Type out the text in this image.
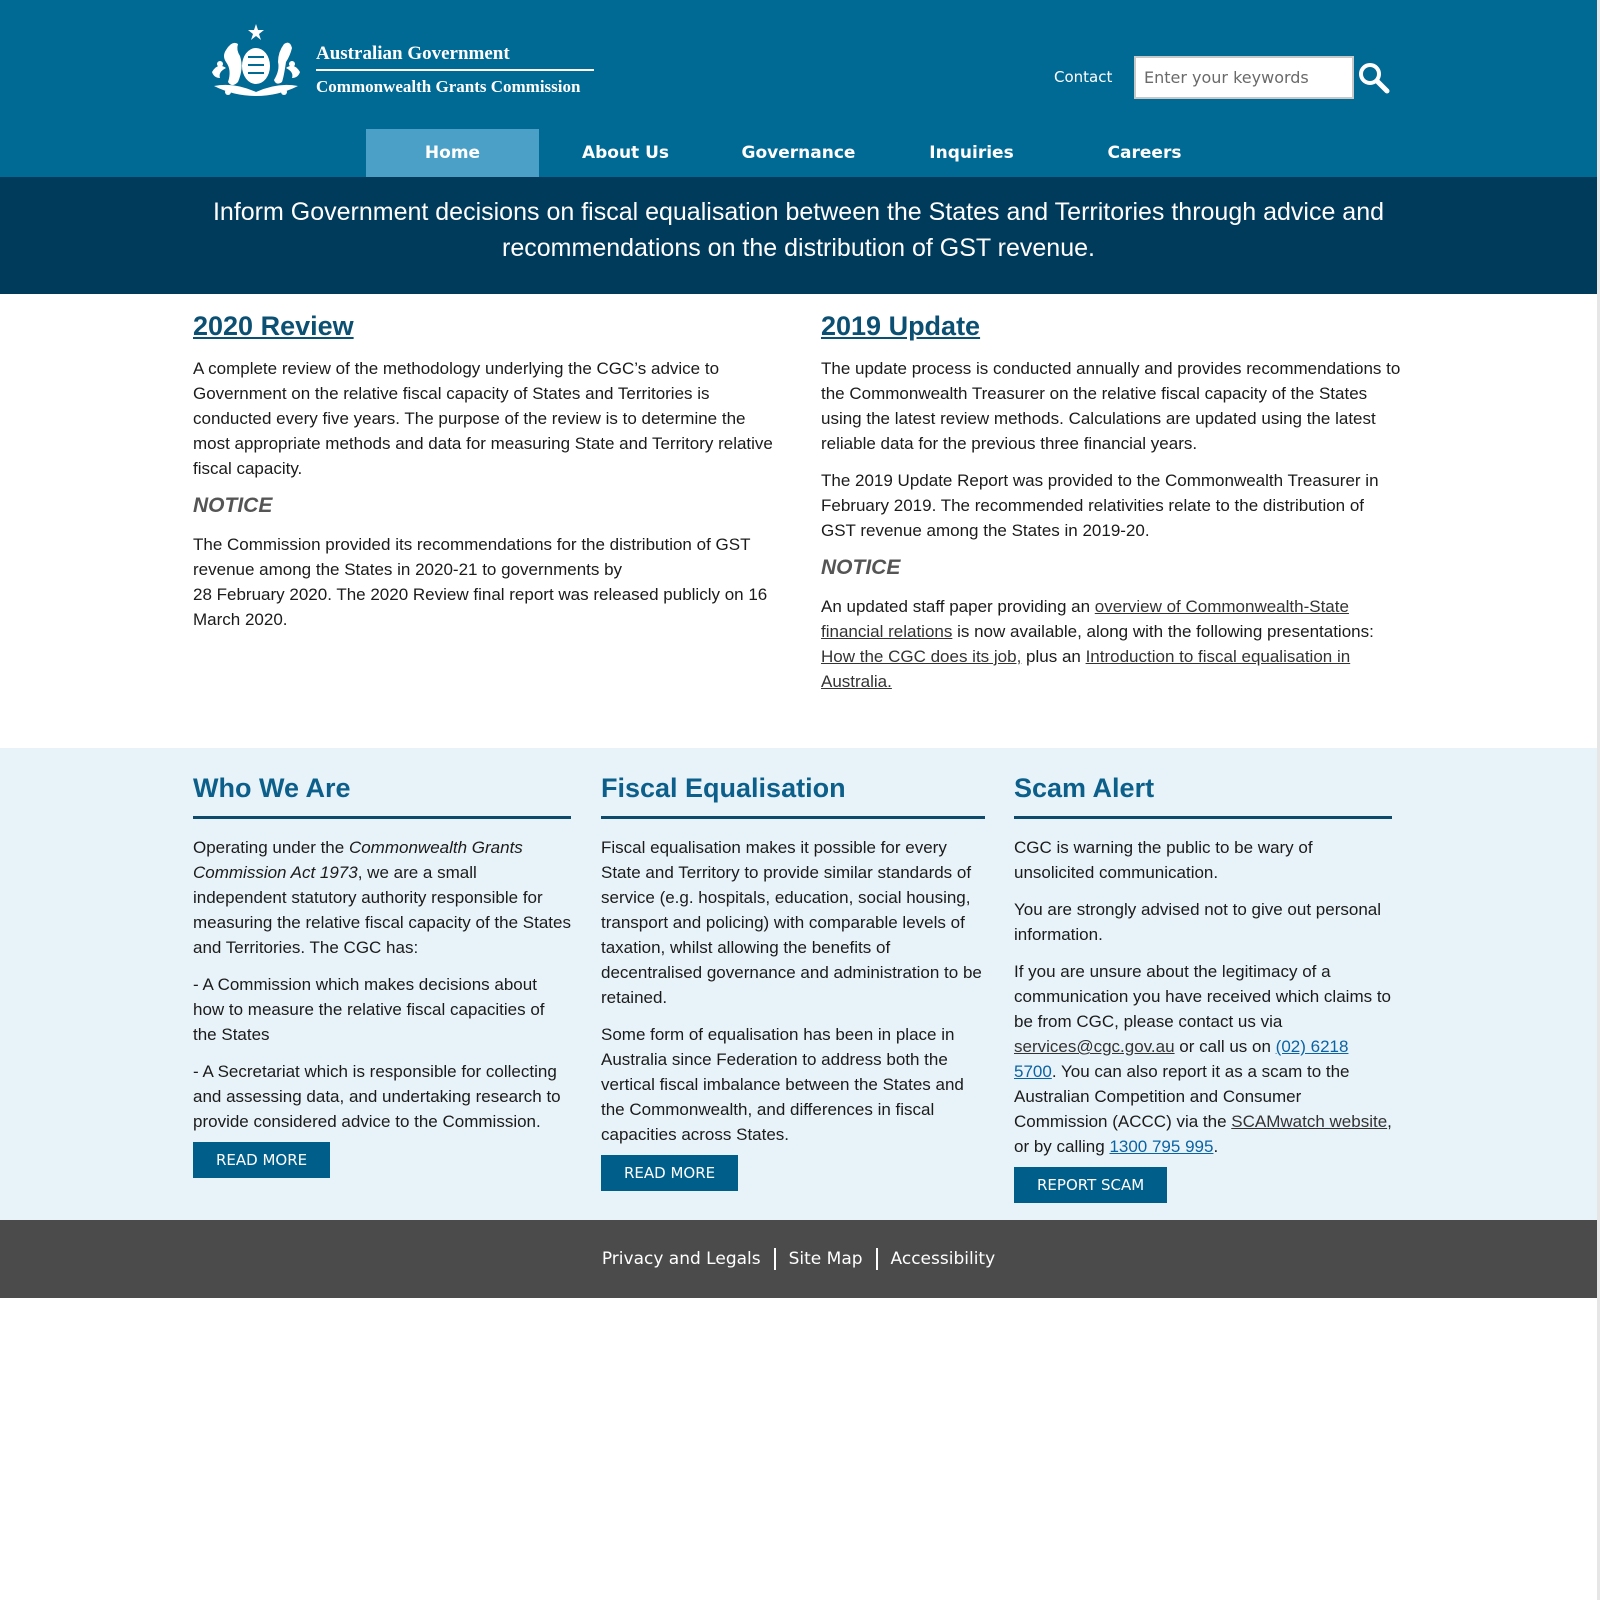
Australian Government
Commonwealth Grants Commission	Contact
Enter your keywords
Home	About Us	Governance	Inquiries	Careers

Inform Government decisions on fiscal equalisation between the States and Territories through advice and recommendations on the distribution of GST revenue.

2020 Review

A complete review of the methodology underlying the CGC’s advice to Government on the relative fiscal capacity of States and Territories is conducted every five years. The purpose of the review is to determine the most appropriate methods and data for measuring State and Territory relative fiscal capacity.

NOTICE

The Commission provided its recommendations for the distribution of GST revenue among the States in 2020-21 to governments by
28 February 2020. The 2020 Review final report was released publicly on 16 March 2020.

2019 Update

The update process is conducted annually and provides recommendations to the Commonwealth Treasurer on the relative fiscal capacity of the States using the latest review methods. Calculations are updated using the latest reliable data for the previous three financial years.

The 2019 Update Report was provided to the Commonwealth Treasurer in February 2019. The recommended relativities relate to the distribution of GST revenue among the States in 2019-20.

NOTICE

An updated staff paper providing an overview of Commonwealth-State financial relations is now available, along with the following presentations: How the CGC does its job, plus an Introduction to fiscal equalisation in Australia.

Who We Are

Operating under the Commonwealth Grants Commission Act 1973, we are a small independent statutory authority responsible for measuring the relative fiscal capacity of the States and Territories. The CGC has:

- A Commission which makes decisions about how to measure the relative fiscal capacities of the States

- A Secretariat which is responsible for collecting and assessing data, and undertaking research to provide considered advice to the Commission.

READ MORE
Fiscal Equalisation

Fiscal equalisation makes it possible for every State and Territory to provide similar standards of service (e.g. hospitals, education, social housing, transport and policing) with comparable levels of taxation, whilst allowing the benefits of decentralised governance and administration to be retained.

Some form of equalisation has been in place in Australia since Federation to address both the vertical fiscal imbalance between the States and the Commonwealth, and differences in fiscal capacities across States.

READ MORE
Scam Alert

CGC is warning the public to be wary of unsolicited communication.

You are strongly advised not to give out personal information.

If you are unsure about the legitimacy of a communication you have received which claims to be from CGC, please contact us via services@cgc.gov.au or call us on (02) 6218 5700. You can also report it as a scam to the Australian Competition and Consumer Commission (ACCC) via the SCAMwatch website, or by calling 1300 795 995.

REPORT SCAM
Privacy and Legals	Site Map	Accessibility
